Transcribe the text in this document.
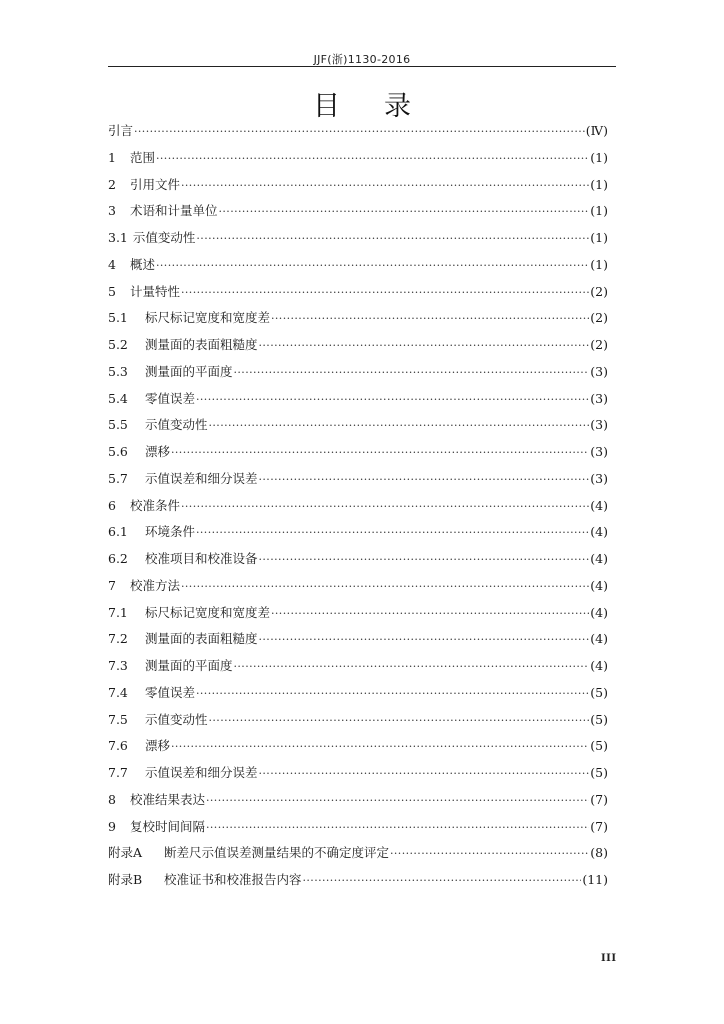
JJF(浙)1130-2016
目录
引言 ·····	(Ⅳ)
1	范围 ·····	(1)
2	引用文件 ·····	(1)
3	术语和计量单位 ·····	(1)
3.1 示值变动性 ·····	(1)
4	概述 ·····	(1)
5	计量特性 ·····	(2)
5.1	标尺标记宽度和宽度差 ·····	(2)
5.2	测量面的表面粗糙度 ·····	(2)
5.3	测量面的平面度 ·····	(3)
5.4	零值误差 ·····	(3)
5.5	示值变动性 ·····	(3)
5.6	漂移 ·····	(3)
5.7	示值误差和细分误差 ·····	(3)
6	校准条件 ·····	(4)
6.1	环境条件 ·····	(4)
6.2	校准项目和校准设备 ·····	(4)
7	校准方法 ·····	(4)
7.1	标尺标记宽度和宽度差 ·····	(4)
7.2	测量面的表面粗糙度 ·····	(4)
7.3	测量面的平面度 ·····	(4)
7.4	零值误差 ·····	(5)
7.5	示值变动性 ·····	(5)
7.6	漂移 ·····	(5)
7.7	示值误差和细分误差 ·····	(5)
8	校准结果表达 ·····	(7)
9	复校时间间隔 ·····	(7)
附录A	断差尺示值误差测量结果的不确定度评定 ·····	(8)
附录B	校准证书和校准报告内容 ·····	(11)
III
